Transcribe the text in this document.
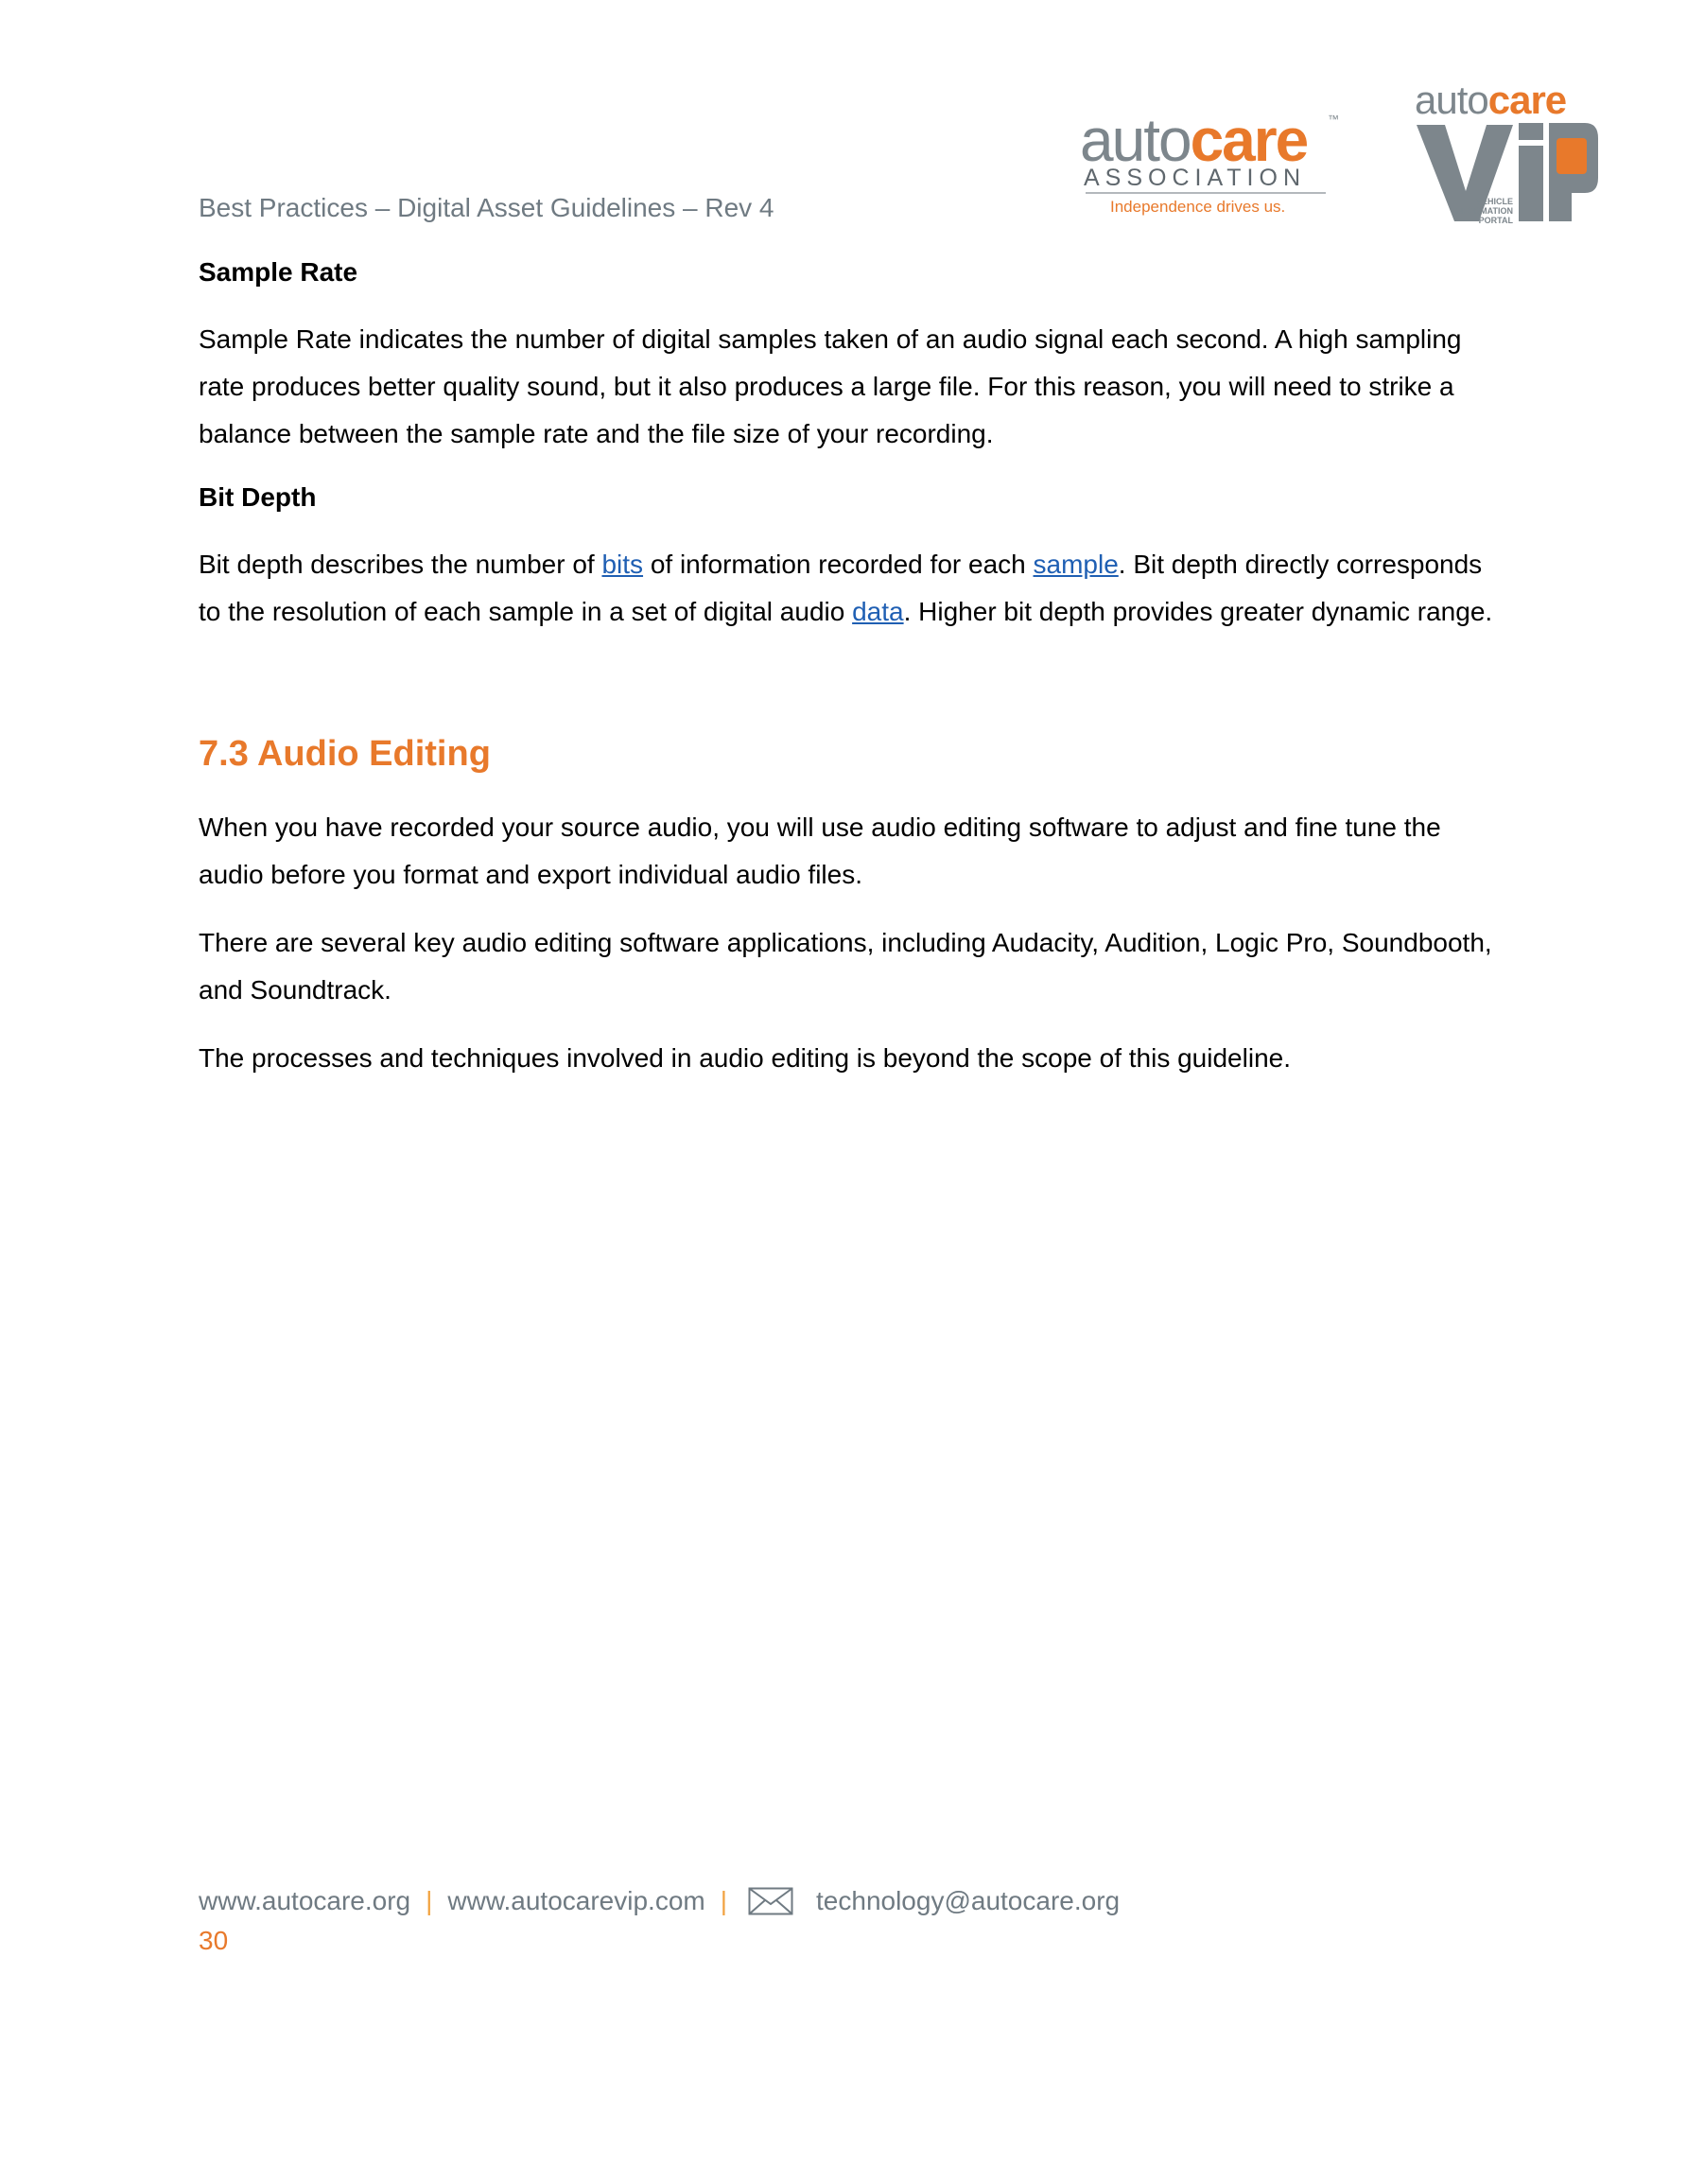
Best Practices – Digital Asset Guidelines – Rev 4
autocare ™
ASSOCIATION
Independence drives us.
autocare
VEHICLE
INFORMATION
PORTAL
Sample Rate

Sample Rate indicates the number of digital samples taken of an audio signal each second. A high sampling rate produces better quality sound, but it also produces a large file. For this reason, you will need to strike a balance between the sample rate and the file size of your recording.

Bit Depth

Bit depth describes the number of bits of information recorded for each sample. Bit depth directly corresponds to the resolution of each sample in a set of digital audio data. Higher bit depth provides greater dynamic range.

7.3 Audio Editing

When you have recorded your source audio, you will use audio editing software to adjust and fine tune the audio before you format and export individual audio files.

There are several key audio editing software applications, including Audacity, Audition, Logic Pro, Soundbooth, and Soundtrack.

The processes and techniques involved in audio editing is beyond the scope of this guideline.

www.autocare.org | www.autocarevip.com |	technology@autocare.org
30
